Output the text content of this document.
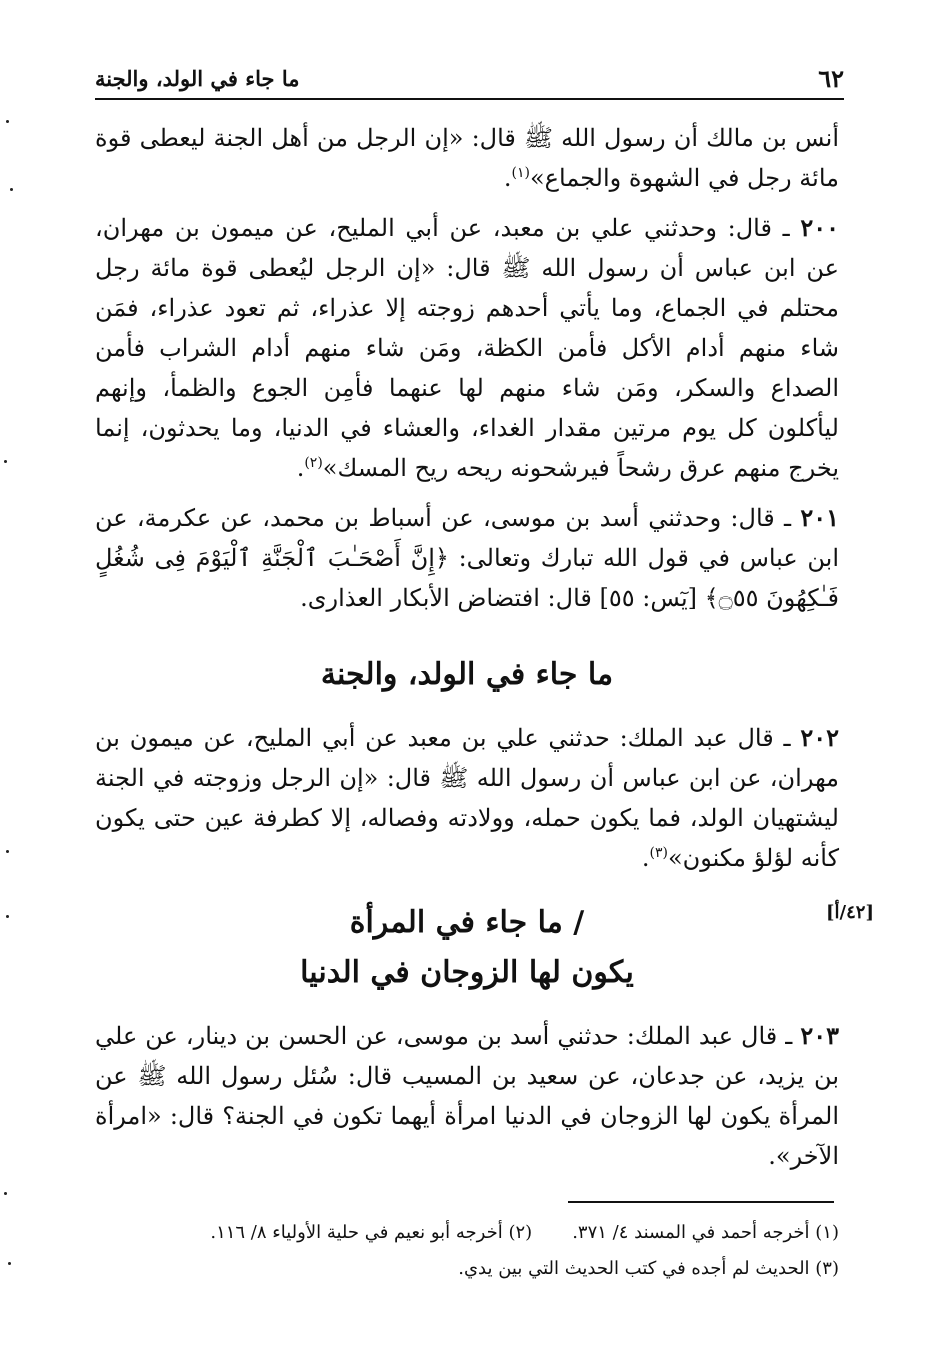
٦٢
ما جاء في الولد، والجنة

أنس بن مالك أن رسول الله ﷺ قال: «إن الرجل من أهل الجنة ليعطى قوة مائة رجل في الشهوة والجماع»$^{(١)}$.

٢٠٠ ـ قال: وحدثني علي بن معبد، عن أبي المليح، عن ميمون بن مهران، عن ابن عباس أن رسول الله ﷺ قال: «إن الرجل ليُعطى قوة مائة رجل محتلم في الجماع، وما يأتي أحدهم زوجته إلا عذراء، ثم تعود عذراء، فمَن شاء منهم أدام الأكل فأمن الكظة، ومَن شاء منهم أدام الشراب فأمن الصداع والسكر، ومَن شاء منهم لها عنهما فأمِن الجوع والظمأ، وإنهم ليأكلون كل يوم مرتين مقدار الغداء، والعشاء في الدنيا، وما يحدثون، إنما يخرج منهم عرق رشحاً فيرشحونه ريحه ريح المسك»$^{(٢)}$.

٢٠١ ـ قال: وحدثني أسد بن موسى، عن أسباط بن محمد، عن عكرمة، عن ابن عباس في قول الله تبارك وتعالى: ﴿إِنَّ أَصْحَـٰبَ ٱلْجَنَّةِ ٱلْيَوْمَ فِى شُغُلٍ فَـٰكِهُونَ ۝٥٥﴾ [يٓس: ٥٥] قال: افتضاض الأبكار العذارى.

ما جاء في الولد، والجنة

٢٠٢ ـ قال عبد الملك: حدثني علي بن معبد عن أبي المليح، عن ميمون بن مهران، عن ابن عباس أن رسول الله ﷺ قال: «إن الرجل وزوجته في الجنة ليشتهيان الولد، فما يكون حمله، وولادته وفصاله، إلا كطرفة عين حتى يكون كأنه لؤلؤ مكنون»$^{(٣)}$.

/ ما جاء في المرأة
يكون لها الزوجان في الدنيا
[٤٢/أ]

٢٠٣ ـ قال عبد الملك: حدثني أسد بن موسى، عن الحسن بن دينار، عن علي بن يزيد، عن جدعان، عن سعيد بن المسيب قال: سُئل رسول الله ﷺ عن المرأة يكون لها الزوجان في الدنيا امرأة أيهما تكون في الجنة؟ قال: «امرأة الآخر».

(١) أخرجه أحمد في المسند ٤/ ٣٧١.(٢) أخرجه أبو نعيم في حلية الأولياء ٨/ ١١٦.
(٣) الحديث لم أجده في كتب الحديث التي بين يدي.
